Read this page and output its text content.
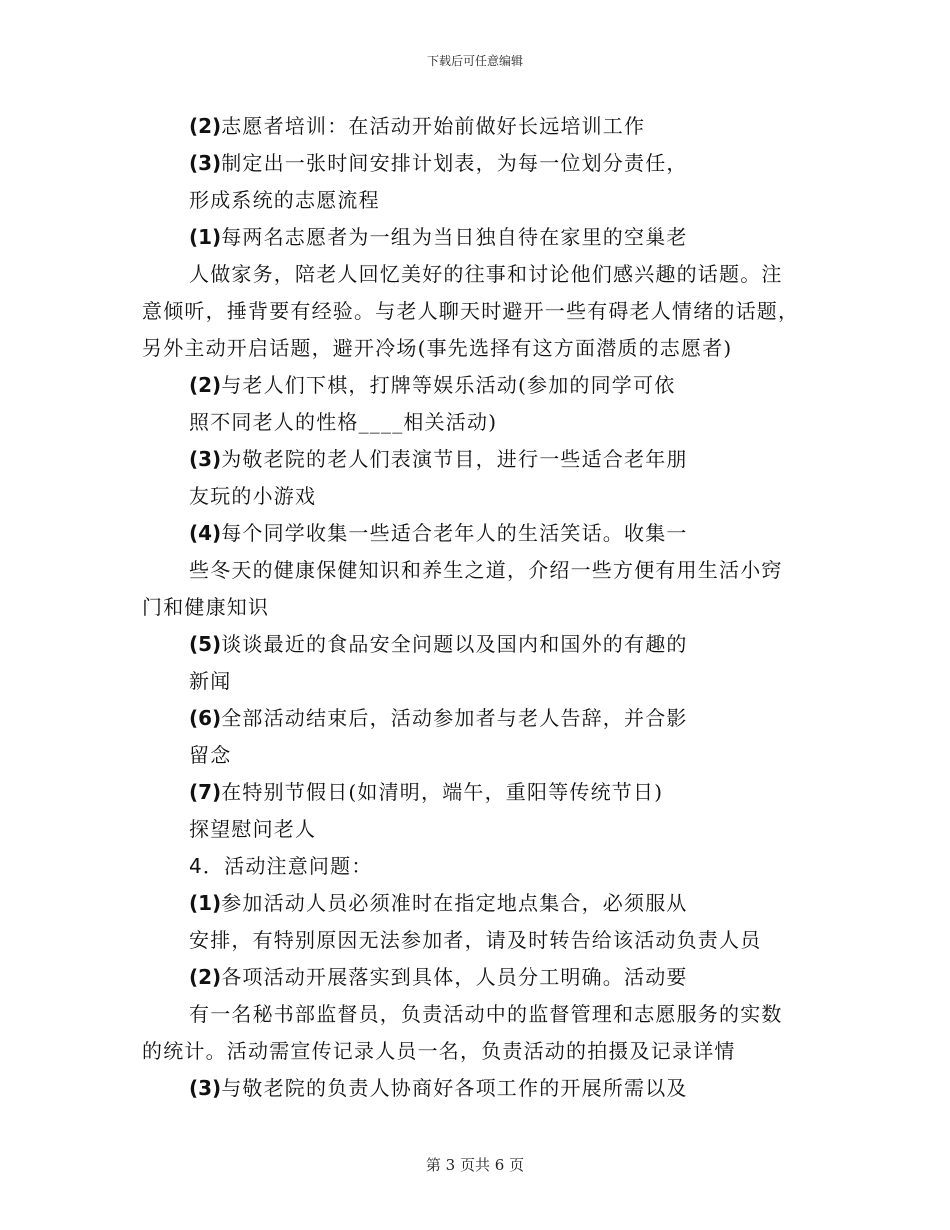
下载后可任意编辑
(2)志愿者培训：在活动开始前做好长远培训工作
(3)制定出一张时间安排计划表，为每一位划分责任，
形成系统的志愿流程
(1)每两名志愿者为一组为当日独自待在家里的空巢老
人做家务，陪老人回忆美好的往事和讨论他们感兴趣的话题。注
意倾听，捶背要有经验。与老人聊天时避开一些有碍老人情绪的话题，
另外主动开启话题，避开冷场(事先选择有这方面潜质的志愿者)
(2)与老人们下棋，打牌等娱乐活动(参加的同学可依
照不同老人的性格____相关活动)
(3)为敬老院的老人们表演节目，进行一些适合老年朋
友玩的小游戏
(4)每个同学收集一些适合老年人的生活笑话。收集一
些冬天的健康保健知识和养生之道，介绍一些方便有用生活小窍
门和健康知识
(5)谈谈最近的食品安全问题以及国内和国外的有趣的
新闻
(6)全部活动结束后，活动参加者与老人告辞，并合影
留念
(7)在特别节假日(如清明，端午，重阳等传统节日)
探望慰问老人
4．活动注意问题：
(1)参加活动人员必须准时在指定地点集合，必须服从
安排，有特别原因无法参加者，请及时转告给该活动负责人员
(2)各项活动开展落实到具体，人员分工明确。活动要
有一名秘书部监督员，负责活动中的监督管理和志愿服务的实数
的统计。活动需宣传记录人员一名，负责活动的拍摄及记录详情
(3)与敬老院的负责人协商好各项工作的开展所需以及
第 3 页共 6 页
